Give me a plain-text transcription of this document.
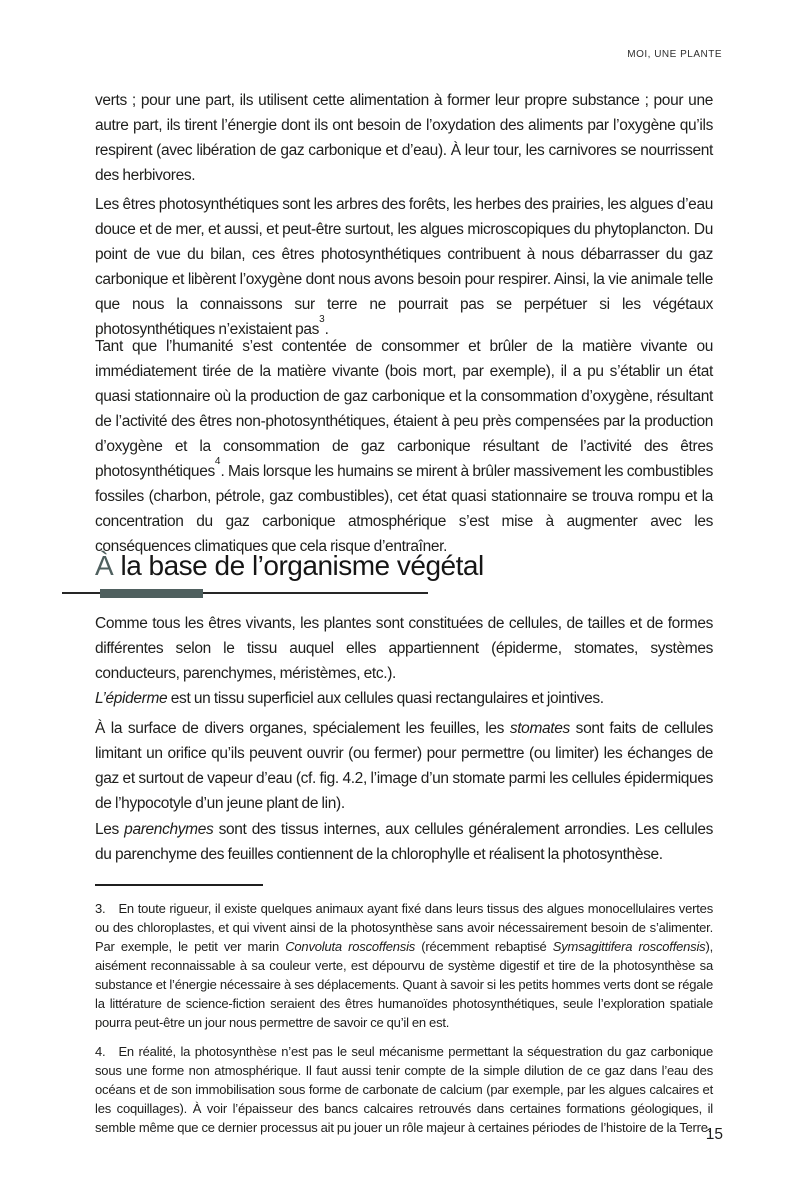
MOI, UNE PLANTE

verts ; pour une part, ils utilisent cette alimentation à former leur propre substance ; pour une autre part, ils tirent l’énergie dont ils ont besoin de l’oxydation des aliments par l’oxygène qu’ils respirent (avec libération de gaz carbonique et d’eau). À leur tour, les carnivores se nourrissent des herbivores.

Les êtres photosynthétiques sont les arbres des forêts, les herbes des prairies, les algues d’eau douce et de mer, et aussi, et peut-être surtout, les algues microscopiques du phytoplancton. Du point de vue du bilan, ces êtres photosynthétiques contribuent à nous débarrasser du gaz carbonique et libèrent l’oxygène dont nous avons besoin pour respirer. Ainsi, la vie animale telle que nous la connaissons sur terre ne pourrait pas se perpétuer si les végétaux photosynthétiques n’existaient pas$^3$.

Tant que l’humanité s’est contentée de consommer et brûler de la matière vivante ou immédiatement tirée de la matière vivante (bois mort, par exemple), il a pu s’établir un état quasi stationnaire où la production de gaz carbonique et la consommation d’oxygène, résultant de l’activité des êtres non-photosynthétiques, étaient à peu près compensées par la production d’oxygène et la consommation de gaz carbonique résultant de l’activité des êtres photosynthétiques$^4$. Mais lorsque les humains se mirent à brûler massivement les combustibles fossiles (charbon, pétrole, gaz combustibles), cet état quasi stationnaire se trouva rompu et la concentration du gaz carbonique atmosphérique s’est mise à augmenter avec les conséquences climatiques que cela risque d’entraîner.

À la base de l’organisme végétal

Comme tous les êtres vivants, les plantes sont constituées de cellules, de tailles et de formes différentes selon le tissu auquel elles appartiennent (épiderme, stomates, systèmes conducteurs, parenchymes, méristèmes, etc.).

L’épiderme est un tissu superficiel aux cellules quasi rectangulaires et jointives.

À la surface de divers organes, spécialement les feuilles, les stomates sont faits de cellules limitant un orifice qu’ils peuvent ouvrir (ou fermer) pour permettre (ou limiter) les échanges de gaz et surtout de vapeur d’eau (cf. fig. 4.2, l’image d’un stomate parmi les cellules épidermiques de l’hypocotyle d’un jeune plant de lin).

Les parenchymes sont des tissus internes, aux cellules généralement arrondies. Les cellules du parenchyme des feuilles contiennent de la chlorophylle et réalisent la photosynthèse.

3. En toute rigueur, il existe quelques animaux ayant fixé dans leurs tissus des algues monocellulaires vertes ou des chloroplastes, et qui vivent ainsi de la photosynthèse sans avoir nécessairement besoin de s’alimenter. Par exemple, le petit ver marin Convoluta roscoffensis (récemment rebaptisé Symsagittifera roscoffensis), aisément reconnaissable à sa couleur verte, est dépourvu de système digestif et tire de la photosynthèse sa substance et l’énergie nécessaire à ses déplacements. Quant à savoir si les petits hommes verts dont se régale la littérature de science-fiction seraient des êtres humanoïdes photosynthétiques, seule l’exploration spatiale pourra peut-être un jour nous permettre de savoir ce qu’il en est.

4. En réalité, la photosynthèse n’est pas le seul mécanisme permettant la séquestration du gaz carbonique sous une forme non atmosphérique. Il faut aussi tenir compte de la simple dilution de ce gaz dans l’eau des océans et de son immobilisation sous forme de carbonate de calcium (par exemple, par les algues calcaires et les coquillages). À voir l’épaisseur des bancs calcaires retrouvés dans certaines formations géologiques, il semble même que ce dernier processus ait pu jouer un rôle majeur à certaines périodes de l’histoire de la Terre.

15
